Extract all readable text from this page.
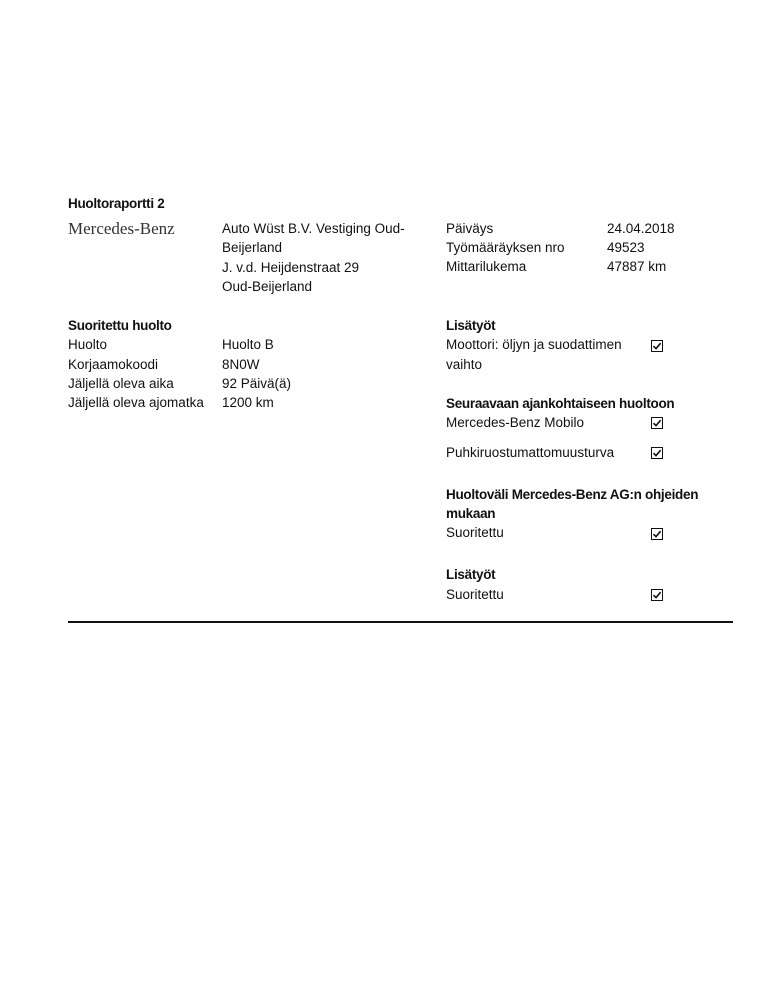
Huoltoraportti 2
Mercedes-Benz	Auto Wüst B.V. Vestiging Oud-
Beijerland
J. v.d. Heijdenstraat 29
Oud-Beijerland
Päiväys	24.04.2018
Työmääräyksen nro	49523
Mittarilukema	47887 km
Suoritettu huolto
Huolto	Huolto B
Korjaamokoodi	8N0W
Jäljellä oleva aika	92 Päivä(ä)
Jäljellä oleva ajomatka 1200 km
Lisätyöt
Moottori: öljyn ja suodattimen
vaihto
Seuraavaan ajankohtaiseen huoltoon
Mercedes-Benz Mobilo
Puhkiruostumattomuusturva
Huoltoväli Mercedes-Benz AG:n ohjeiden
mukaan
Suoritettu
Lisätyöt
Suoritettu
